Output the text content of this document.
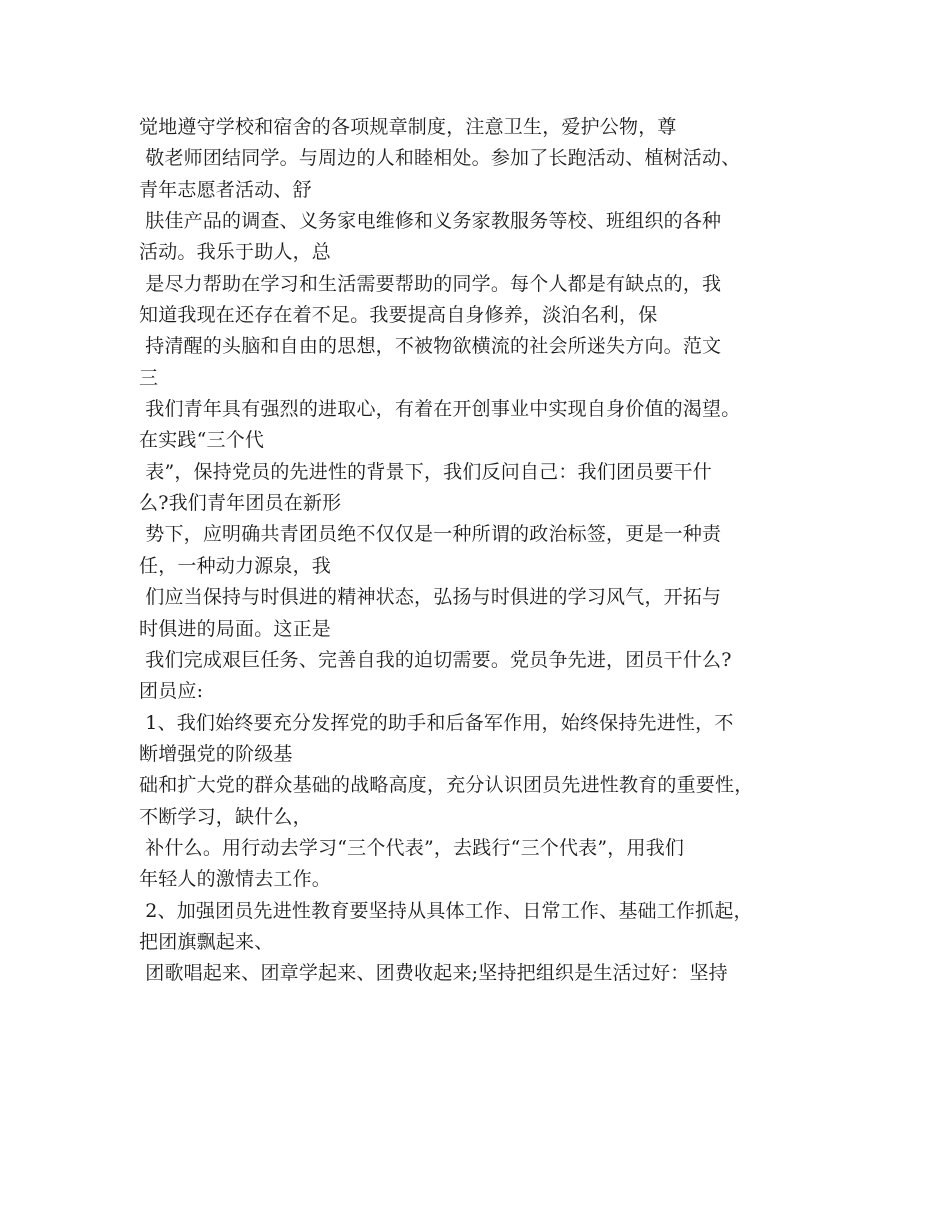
觉地遵守学校和宿舍的各项规章制度，注意卫生，爱护公物，尊
敬老师团结同学。与周边的人和睦相处。参加了长跑活动、植树活动、
青年志愿者活动、舒
肤佳产品的调查、义务家电维修和义务家教服务等校、班组织的各种
活动。我乐于助人，总
是尽力帮助在学习和生活需要帮助的同学。每个人都是有缺点的，我
知道我现在还存在着不足。我要提高自身修养，淡泊名利，保
持清醒的头脑和自由的思想，不被物欲横流的社会所迷失方向。范文
三
我们青年具有强烈的进取心，有着在开创事业中实现自身价值的渴望。
在实践“三个代
表”，保持党员的先进性的背景下，我们反问自己：我们团员要干什
么?我们青年团员在新形
势下，应明确共青团员绝不仅仅是一种所谓的政治标签，更是一种责
任，一种动力源泉，我
们应当保持与时俱进的精神状态，弘扬与时俱进的学习风气，开拓与
时俱进的局面。这正是
我们完成艰巨任务、完善自我的迫切需要。党员争先进，团员干什么?
团员应:
1、我们始终要充分发挥党的助手和后备军作用，始终保持先进性，不
断增强党的阶级基
础和扩大党的群众基础的战略高度，充分认识团员先进性教育的重要性，
不断学习，缺什么，
补什么。用行动去学习“三个代表”，去践行“三个代表”，用我们
年轻人的激情去工作。
2、加强团员先进性教育要坚持从具体工作、日常工作、基础工作抓起，
把团旗飘起来、
团歌唱起来、团章学起来、团费收起来;坚持把组织是生活过好：坚持
